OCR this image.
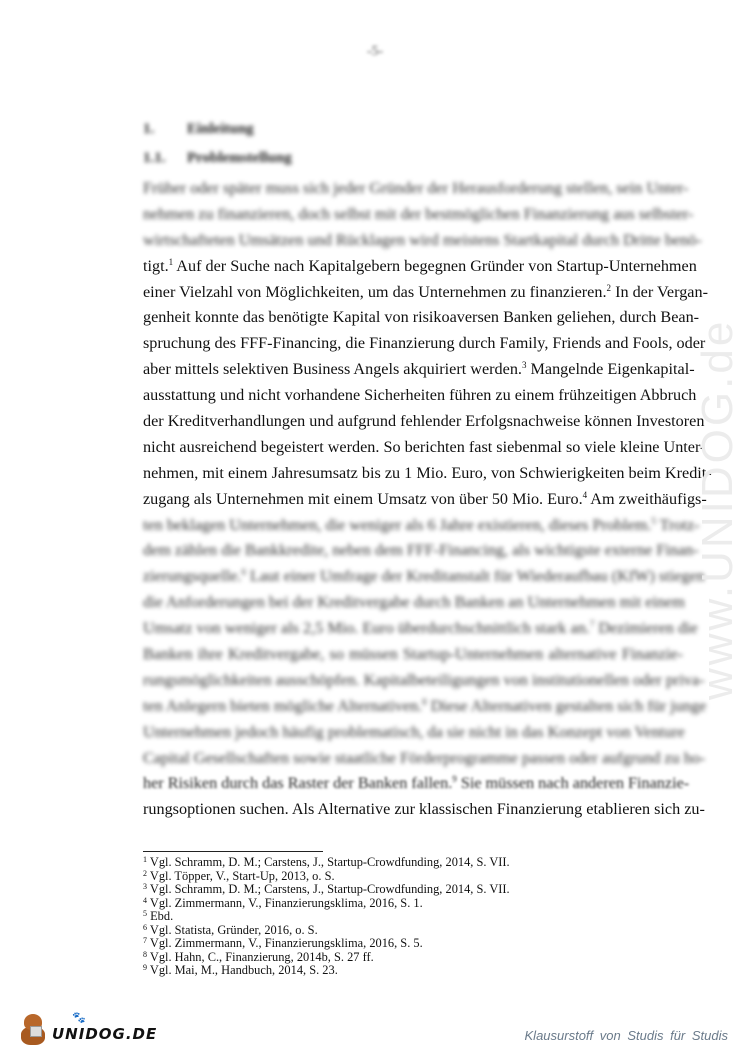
-5-
1. Einleitung
1.1. Problemstellung
Früher oder später muss sich jeder Gründer der Herausforderung stellen, sein Unter-
nehmen zu finanzieren, doch selbst mit der bestmöglichen Finanzierung aus selbster-
wirtschafteten Umsätzen und Rücklagen wird meistens Startkapital durch Dritte benö-
tigt.$^1$ Auf der Suche nach Kapitalgebern begegnen Gründer von Startup-Unternehmen
einer Vielzahl von Möglichkeiten, um das Unternehmen zu finanzieren.$^2$ In der Vergan-
genheit konnte das benötigte Kapital von risikoaversen Banken geliehen, durch Bean-
spruchung des FFF-Financing, die Finanzierung durch Family, Friends and Fools, oder
aber mittels selektiven Business Angels akquiriert werden.$^3$ Mangelnde Eigenkapital-
ausstattung und nicht vorhandene Sicherheiten führen zu einem frühzeitigen Abbruch
der Kreditverhandlungen und aufgrund fehlender Erfolgsnachweise können Investoren
nicht ausreichend begeistert werden. So berichten fast siebenmal so viele kleine Unter-
nehmen, mit einem Jahresumsatz bis zu 1 Mio. Euro, von Schwierigkeiten beim Kredit-
zugang als Unternehmen mit einem Umsatz von über 50 Mio. Euro.$^4$ Am zweithäufigs-
ten beklagen Unternehmen, die weniger als 6 Jahre existieren, dieses Problem.$^5$ Trotz-
dem zählen die Bankkredite, neben dem FFF-Financing, als wichtigste externe Finan-
zierungsquelle.$^6$ Laut einer Umfrage der Kreditanstalt für Wiederaufbau (KfW) stiegen
die Anforderungen bei der Kreditvergabe durch Banken an Unternehmen mit einem
Umsatz von weniger als 2,5 Mio. Euro überdurchschnittlich stark an.$^7$ Dezimieren die
Banken ihre Kreditvergabe, so müssen Startup-Unternehmen alternative Finanzie-
rungsmöglichkeiten ausschöpfen. Kapitalbeteiligungen von institutionellen oder priva-
ten Anlegern bieten mögliche Alternativen.$^8$ Diese Alternativen gestalten sich für junge
Unternehmen jedoch häufig problematisch, da sie nicht in das Konzept von Venture
Capital Gesellschaften sowie staatliche Förderprogramme passen oder aufgrund zu ho-
her Risiken durch das Raster der Banken fallen.$^9$ Sie müssen nach anderen Finanzie-
rungsoptionen suchen. Als Alternative zur klassischen Finanzierung etablieren sich zu-
$^1$ Vgl. Schramm, D. M.; Carstens, J., Startup-Crowdfunding, 2014, S. VII.
$^2$ Vgl. Töpper, V., Start-Up, 2013, o. S.
$^3$ Vgl. Schramm, D. M.; Carstens, J., Startup-Crowdfunding, 2014, S. VII.
$^4$ Vgl. Zimmermann, V., Finanzierungsklima, 2016, S. 1.
$^5$ Ebd.
$^6$ Vgl. Statista, Gründer, 2016, o. S.
$^7$ Vgl. Zimmermann, V., Finanzierungsklima, 2016, S. 5.
$^8$ Vgl. Hahn, C., Finanzierung, 2014b, S. 27 ff.
$^9$ Vgl. Mai, M., Handbuch, 2014, S. 23.
www.UNIDOG.de
🐾
UNIDOG.DE	Klausurstoff von Studis für Studis
